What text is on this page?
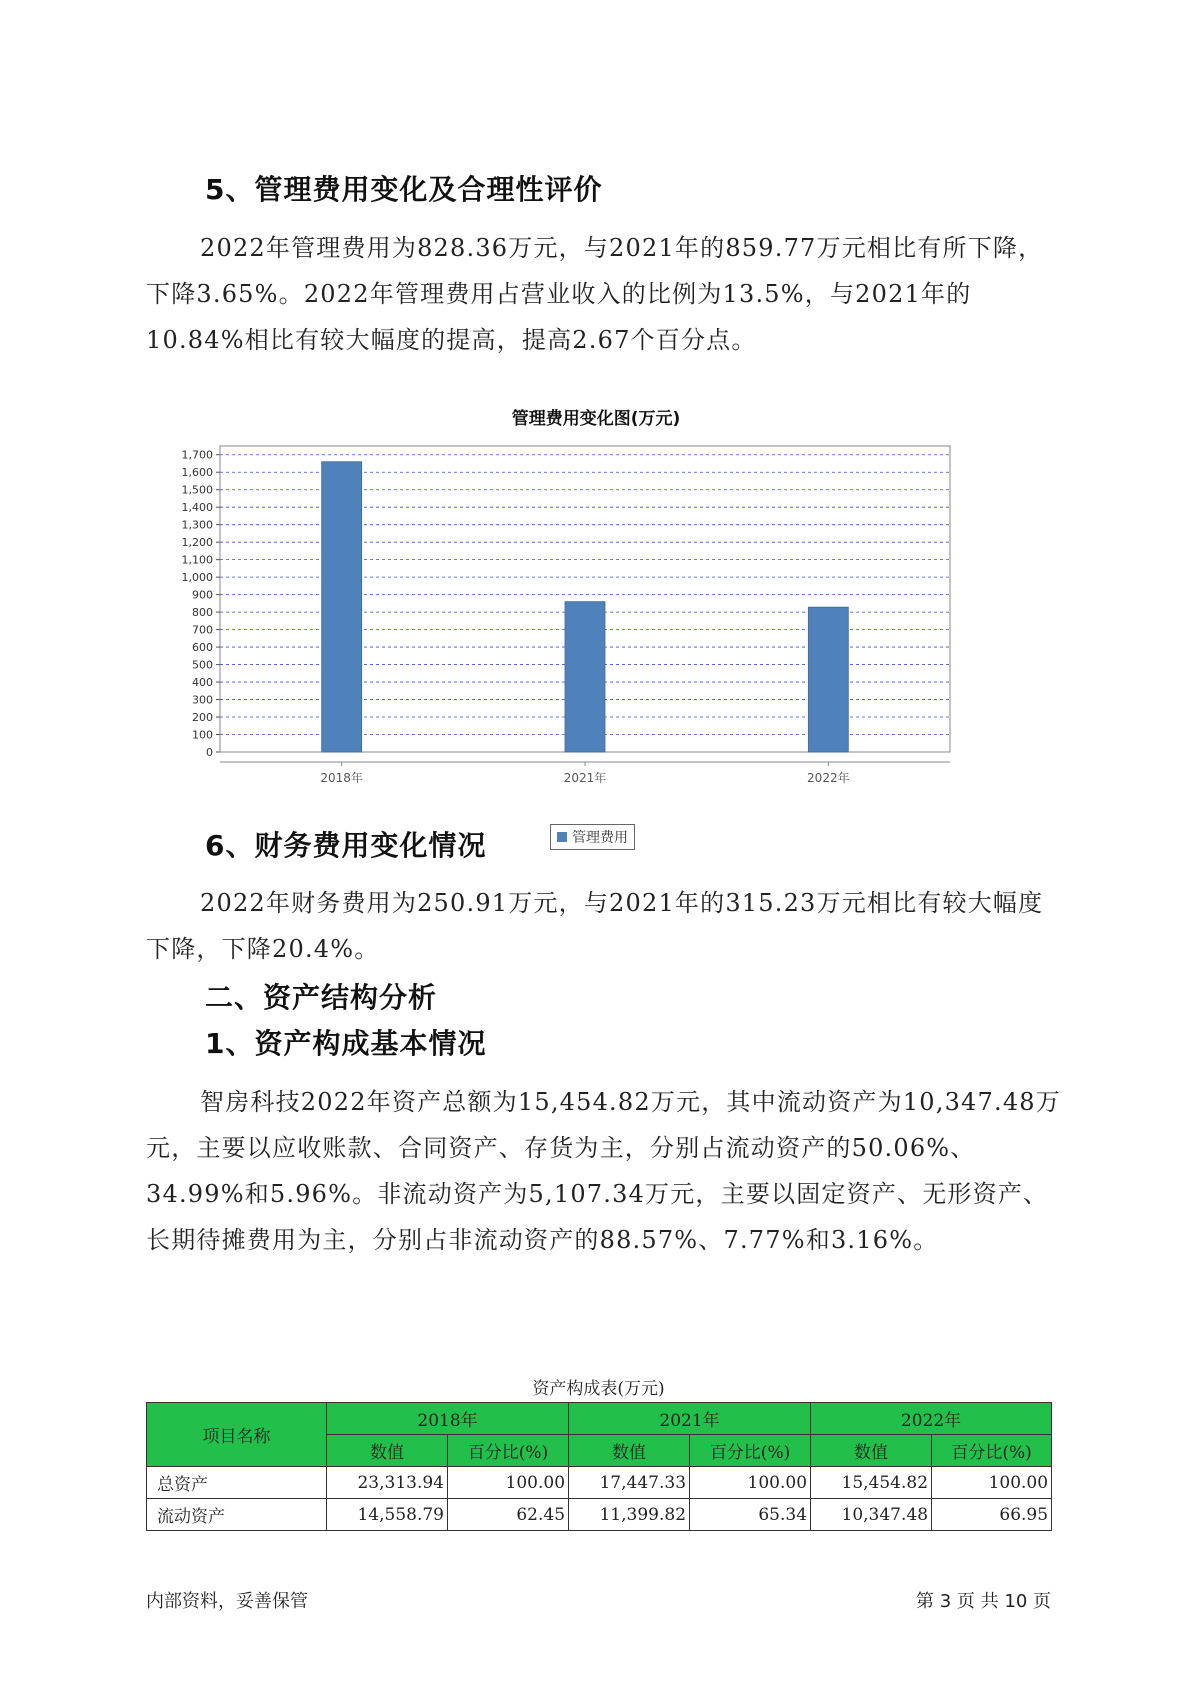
5、管理费用变化及合理性评价

2022年管理费用为828.36万元，与2021年的859.77万元相比有所下降，下降3.65%。2022年管理费用占营业收入的比例为13.5%，与2021年的10.84%相比有较大幅度的提高，提高2.67个百分点。

管理费用变化图(万元)
0
100
200
300
400
500
600
700
800
900
1,000
1,100
1,200
1,300
1,400
1,500
1,600
1,700
2018年	2021年	2022年
管理费用
6、财务费用变化情况

2022年财务费用为250.91万元，与2021年的315.23万元相比有较大幅度下降，下降20.4%。

二、资产结构分析
1、资产构成基本情况

智房科技2022年资产总额为15,454.82万元，其中流动资产为10,347.48万元，主要以应收账款、合同资产、存货为主，分别占流动资产的50.06%、34.99%和5.96%。非流动资产为5,107.34万元，主要以固定资产、无形资产、长期待摊费用为主，分别占非流动资产的88.57%、7.77%和3.16%。

资产构成表(万元)
项目名称	2018年		2021年		2022年	
	数值	百分比(%)	数值	百分比(%)	数值	百分比(%)
总资产	23,313.94	100.00	17,447.33	100.00	15,454.82	100.00
流动资产	14,558.79	62.45	11,399.82	65.34	10,347.48	66.95
内部资料，妥善保管	第 3 页 共 10 页
